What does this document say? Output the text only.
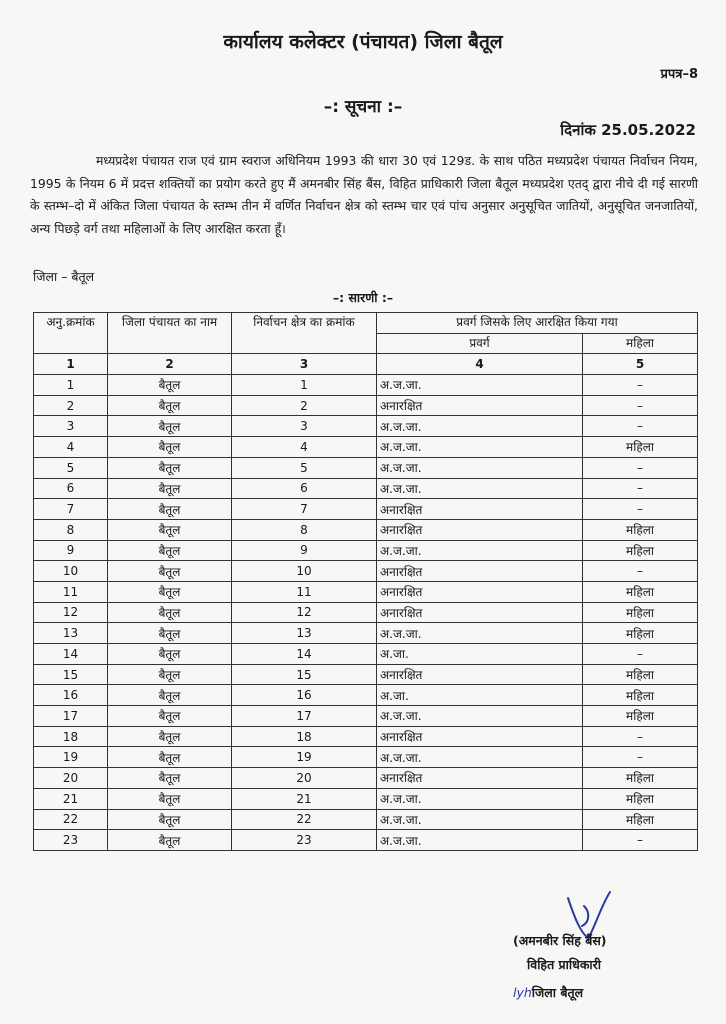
कार्यालय कलेक्टर (पंचायत) जिला बैतूल
प्रपत्र–8
–: सूचना :–
दिनांक 25.05.2022
मध्यप्रदेश पंचायत राज एवं ग्राम स्वराज अधिनियम 1993 की धारा 30 एवं 129ड. के साथ पठित मध्यप्रदेश पंचायत निर्वाचन नियम, 1995 के नियम 6 में प्रदत्त शक्तियों का प्रयोग करते हुए मैं अमनबीर सिंह बैंस, विहित प्राधिकारी जिला बैतूल मध्यप्रदेश एतद् द्वारा नीचे दी गई सारणी के स्तम्भ–दो में अंकित जिला पंचायत के स्तम्भ तीन में वर्णित निर्वाचन क्षेत्र को स्तम्भ चार एवं पांच अनुसार अनुसूचित जातियों, अनुसूचित जनजातियों, अन्य पिछड़े वर्ग तथा महिलाओं के लिए आरक्षित करता हूँ।
जिला – बैतूल
–: सारणी :–
अनु.क्रमांक	जिला पंचायत का नाम	निर्वाचन क्षेत्र का क्रमांक	प्रवर्ग जिसके लिए आरक्षित किया गया	
			प्रवर्ग	महिला
1	2	3	4	5
1	बैतूल	1	अ.ज.जा.	–
2	बैतूल	2	अनारक्षित	–
3	बैतूल	3	अ.ज.जा.	–
4	बैतूल	4	अ.ज.जा.	महिला
5	बैतूल	5	अ.ज.जा.	–
6	बैतूल	6	अ.ज.जा.	–
7	बैतूल	7	अनारक्षित	–
8	बैतूल	8	अनारक्षित	महिला
9	बैतूल	9	अ.ज.जा.	महिला
10	बैतूल	10	अनारक्षित	–
11	बैतूल	11	अनारक्षित	महिला
12	बैतूल	12	अनारक्षित	महिला
13	बैतूल	13	अ.ज.जा.	महिला
14	बैतूल	14	अ.जा.	–
15	बैतूल	15	अनारक्षित	महिला
16	बैतूल	16	अ.जा.	महिला
17	बैतूल	17	अ.ज.जा.	महिला
18	बैतूल	18	अनारक्षित	–
19	बैतूल	19	अ.ज.जा.	–
20	बैतूल	20	अनारक्षित	महिला
21	बैतूल	21	अ.ज.जा.	महिला
22	बैतूल	22	अ.ज.जा.	महिला
23	बैतूल	23	अ.ज.जा.	–
(अमनबीर सिंह बैंस)
विहित प्राधिकारी
lyhजिला बैतूल
